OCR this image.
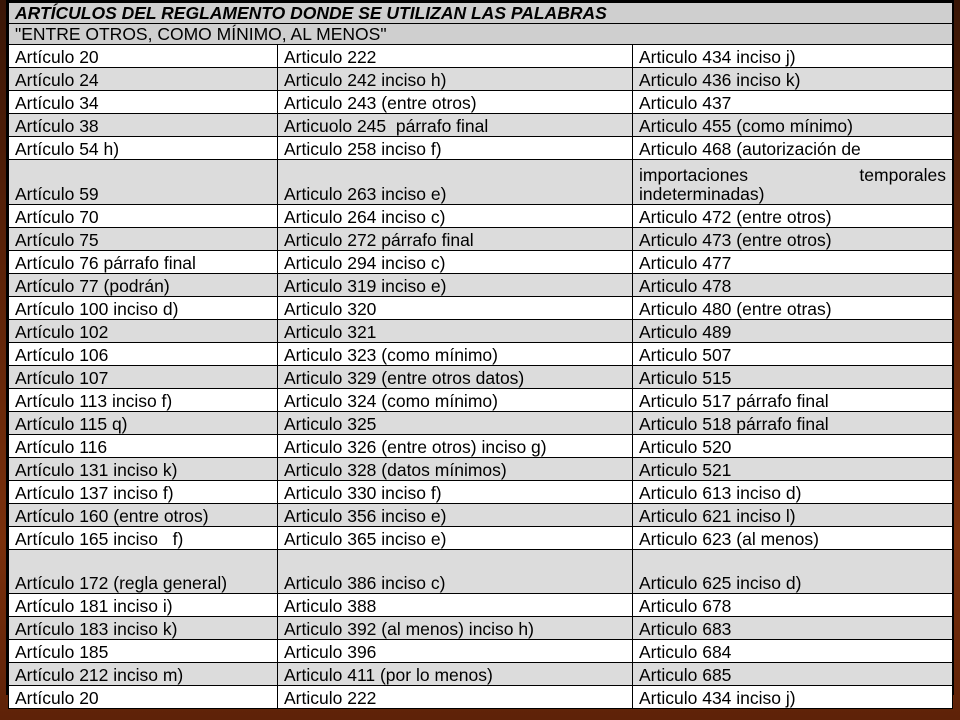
ARTÍCULOS DEL REGLAMENTO DONDE SE UTILIZAN LAS PALABRAS		
"ENTRE OTROS, COMO MÍNIMO, AL MENOS"		
Artículo 20	Articulo 222	Articulo 434 inciso j)
Artículo 24	Articulo 242 inciso h)	Articulo 436 inciso k)
Artículo 34	Articulo 243 (entre otros)	Articulo 437
Artículo 38	Articuolo 245  párrafo final	Articulo 455 (como mínimo)
Artículo 54 h)	Articulo 258 inciso f)	Articulo 468 (autorización de
Artículo 59	Articulo 263 inciso e)	importaciones temporales indeterminadas)

Artículo 70	Articulo 264 inciso c)	Articulo 472 (entre otros)
Artículo 75	Articulo 272 párrafo final	Articulo 473 (entre otros)
Artículo 76 párrafo final	Articulo 294 inciso c)	Articulo 477
Artículo 77 (podrán)	Articulo 319 inciso e)	Articulo 478
Artículo 100 inciso d)	Articulo 320	Articulo 480 (entre otras)
Artículo 102	Articulo 321	Articulo 489
Artículo 106	Articulo 323 (como mínimo)	Articulo 507
Artículo 107	Articulo 329 (entre otros datos)	Articulo 515
Artículo 113 inciso f)	Articulo 324 (como mínimo)	Articulo 517 párrafo final
Artículo 115 q)	Articulo 325	Articulo 518 párrafo final
Artículo 116	Articulo 326 (entre otros) inciso g)	Articulo 520
Artículo 131 inciso k)	Articulo 328 (datos mínimos)	Articulo 521
Artículo 137 inciso f)	Articulo 330 inciso f)	Articulo 613 inciso d)
Artículo 160 (entre otros)	Articulo 356 inciso e)	Articulo 621 inciso l)
Artículo 165 inciso   f)	Articulo 365 inciso e)	Articulo 623 (al menos)

Artículo 172 (regla general)	Articulo 386 inciso c)	Articulo 625 inciso d)
Artículo 181 inciso i)	Articulo 388	Articulo 678
Artículo 183 inciso k)	Articulo 392 (al menos) inciso h)	Articulo 683
Artículo 185	Articulo 396	Articulo 684
Artículo 212 inciso m)	Articulo 411 (por lo menos)	Articulo 685
Artículo 20	Articulo 222	Articulo 434 inciso j)
